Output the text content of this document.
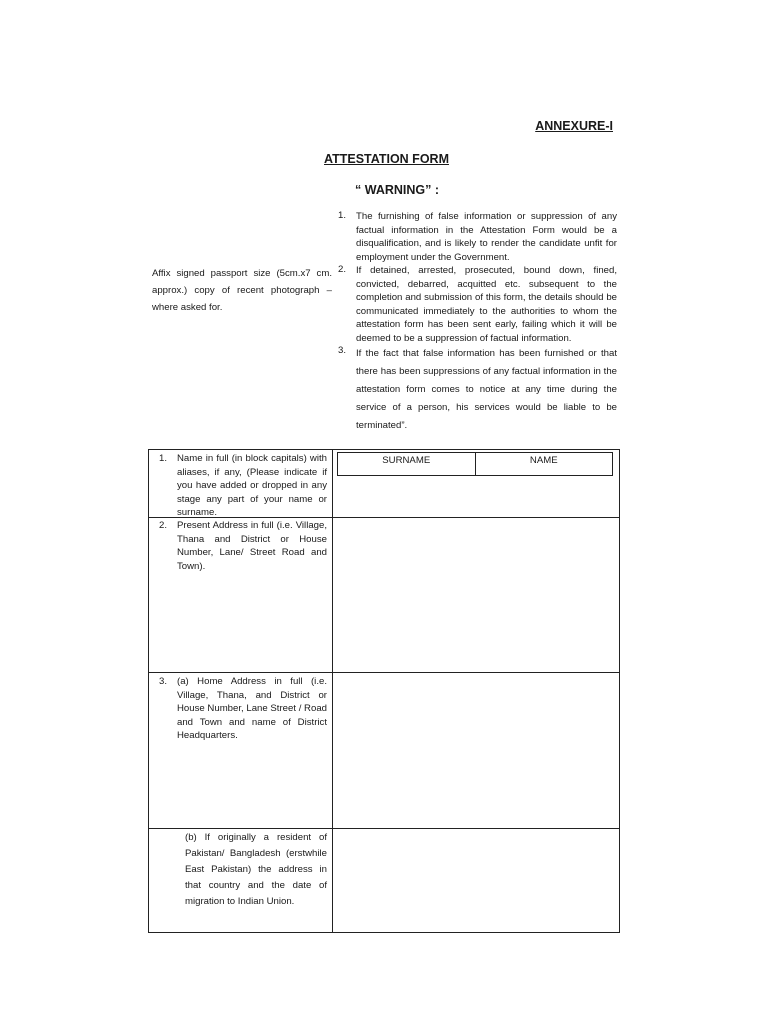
ANNEXURE-I
ATTESTATION FORM
“ WARNING” :
Affix signed passport size (5cm.x7 cm. approx.) copy of recent photograph – where asked for.
1.	The furnishing of false information or suppression of any factual information in the Attestation Form would be a disqualification, and is likely to render the candidate unfit for employment under the Government.
2.	If detained, arrested, prosecuted, bound down, fined, convicted, debarred, acquitted etc. subsequent to the completion and submission of this form, the details should be communicated immediately to the authorities to whom the attestation form has been sent early, failing which it will be deemed to be a suppression of factual information.
3.	If the fact that false information has been furnished or that there has been suppressions of any factual information in the attestation form comes to notice at any time during the service of a person, his services would be liable to be terminated”.
1.	Name in full (in block capitals) with aliases, if any, (Please indicate if you have added or dropped in any stage any part of your name or surname.
SURNAME	NAME
2.	Present Address in full (i.e. Village, Thana and District or House Number, Lane/ Street Road and Town).
3.	(a) Home Address in full (i.e. Village, Thana, and District or House Number, Lane Street / Road and Town and name of District Headquarters.
(b) If originally a resident of Pakistan/ Bangladesh (erstwhile East Pakistan) the address in that country and the date of migration to Indian Union.
